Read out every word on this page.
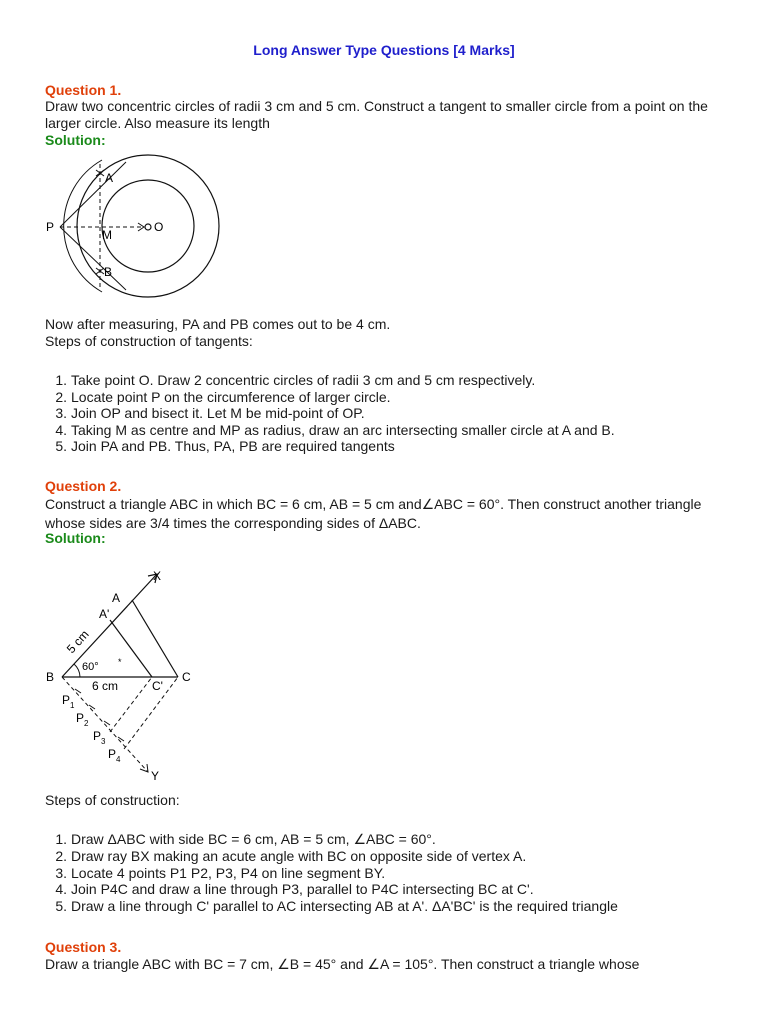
Long Answer Type Questions [4 Marks]
Question 1.
Draw two concentric circles of radii 3 cm and 5 cm. Construct a tangent to smaller circle from a point on the larger circle. Also measure its length
Solution:
P
A
M
O
B
Now after measuring, PA and PB comes out to be 4 cm.
Steps of construction of tangents:
1. Take point O. Draw 2 concentric circles of radii 3 cm and 5 cm respectively.
2. Locate point P on the circumference of larger circle.
3. Join OP and bisect it. Let M be mid-point of OP.
4. Taking M as centre and MP as radius, draw an arc intersecting smaller circle at A and B.
5. Join PA and PB. Thus, PA, PB are required tangents
Question 2.
Construct a triangle ABC in which BC = 6 cm, AB = 5 cm and∠ABC = 60°. Then construct another triangle whose sides are 3/4 times the corresponding sides of ΔABC.
Solution:
*
X
A
A'
5 cm
60°
B
6 cm	C'
C
$P_1$
$P_2$
$P_3$
$P_4$
Y
Steps of construction:
1. Draw ΔABC with side BC = 6 cm, AB = 5 cm, ∠ABC = 60°.
2. Draw ray BX making an acute angle with BC on opposite side of vertex A.
3. Locate 4 points P1 P2, P3, P4 on line segment BY.
4. Join P4C and draw a line through P3, parallel to P4C intersecting BC at C'.
5. Draw a line through C' parallel to AC intersecting AB at A'. ΔA'BC' is the required triangle
Question 3.
Draw a triangle ABC with BC = 7 cm, ∠B = 45° and ∠A = 105°. Then construct a triangle whose
